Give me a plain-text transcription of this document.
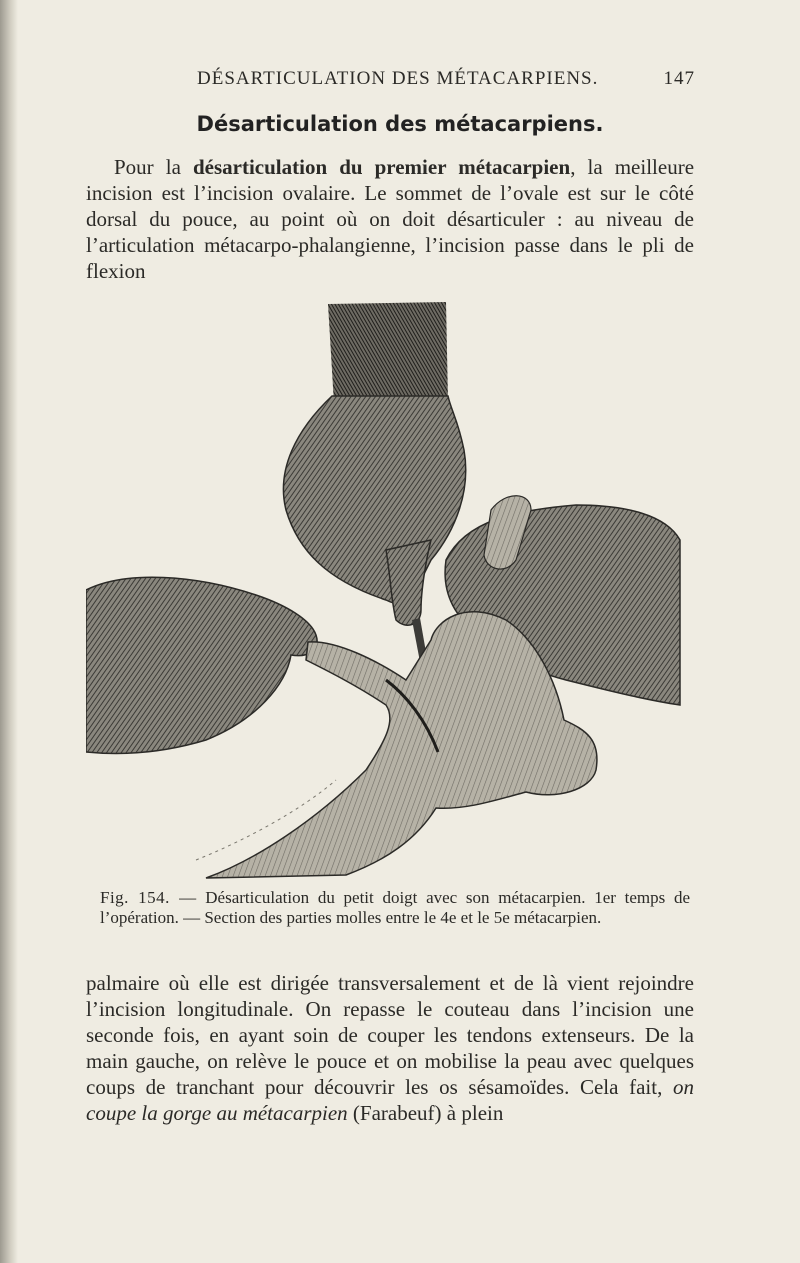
DÉSARTICULATION DES MÉTACARPIENS.	147
Désarticulation des métacarpiens.
Pour la désarticulation du premier métacarpien, la meilleure incision est l’incision ovalaire. Le sommet de l’ovale est sur le côté dorsal du pouce, au point où on doit désarticuler : au niveau de l’articulation métacarpo-phalangienne, l’incision passe dans le pli de flexion
Fig. 154. — Désarticulation du petit doigt avec son métacarpien. 1er temps de l’opération. — Section des parties molles entre le 4e et le 5e métacarpien.
palmaire où elle est dirigée transversalement et de là vient rejoindre l’incision longitudinale. On repasse le couteau dans l’incision une seconde fois, en ayant soin de couper les tendons extenseurs. De la main gauche, on relève le pouce et on mobilise la peau avec quelques coups de tranchant pour découvrir les os sésamoïdes. Cela fait, on coupe la gorge au métacarpien (Farabeuf) à plein
